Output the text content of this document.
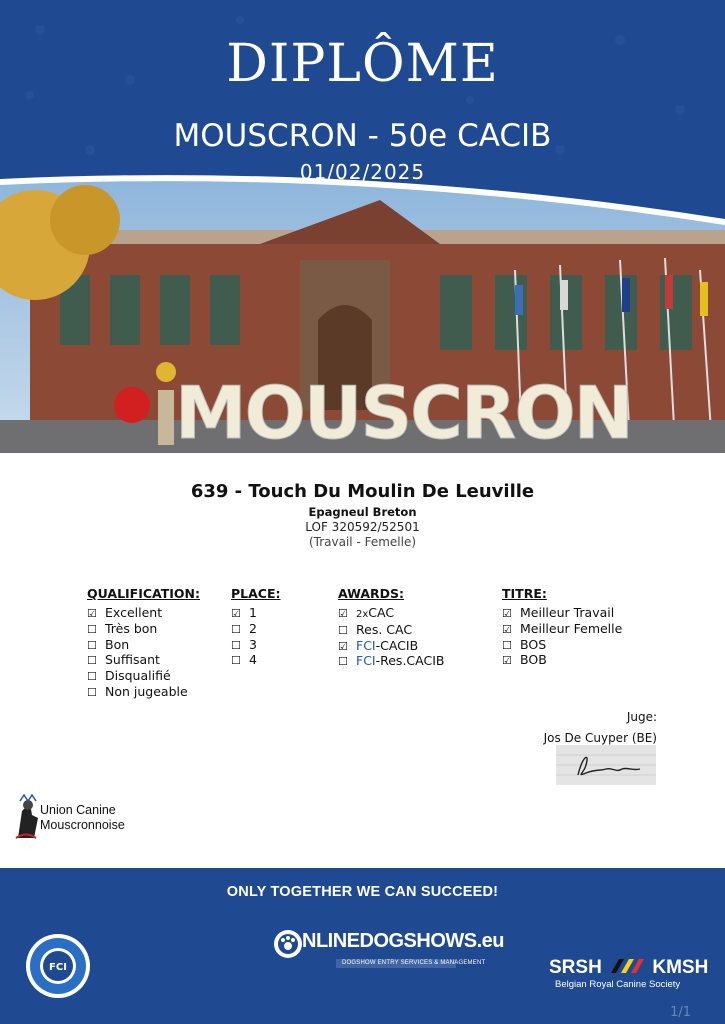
DIPLÔME
MOUSCRON - 50e CACIB
01/02/2025
MOUSCRON
639 - Touch Du Moulin De Leuville
Epagneul Breton
LOF 320592/52501
(Travail - Femelle)
QUALIFICATION:
☑ Excellent
☐ Très bon
☐ Bon
☐ Suffisant
☐ Disqualifié
☐ Non jugeable
PLACE:
☑ 1
☐ 2
☐ 3
☐ 4
AWARDS:
☑ 2xCAC
☐ Res. CAC
☑ FCI-CACIB
☐ FCI-Res.CACIB
TITRE:
☑ Meilleur Travail
☑ Meilleur Femelle
☐ BOS
☑ BOB
Juge:
Jos De Cuyper (BE)
Union Canine
Mouscronnoise
ONLY TOGETHER WE CAN SUCCEED!
FCI
NLINEDOGSHOWS.eu
DOGSHOW ENTRY SERVICES & MANAGEMENT	SRSH	KMSH
Belgian Royal Canine Society
1/1
